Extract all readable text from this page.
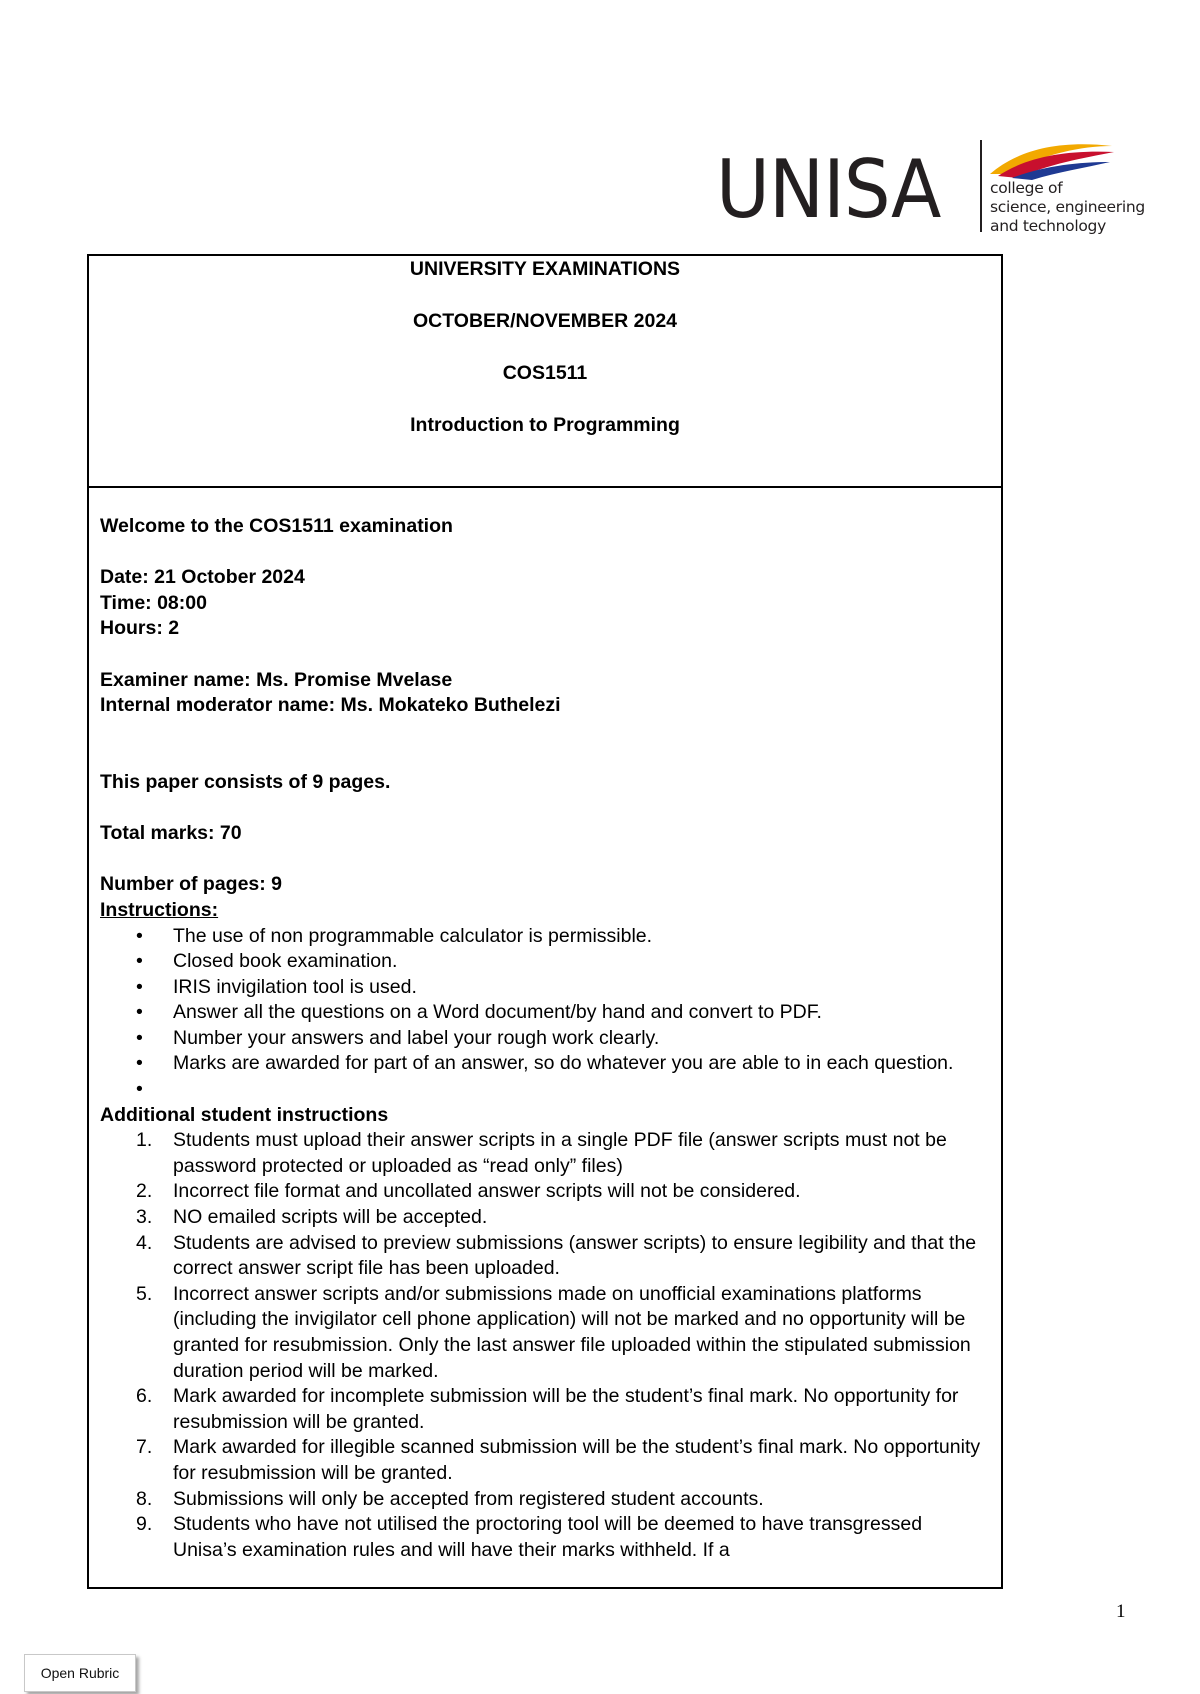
UNISA	college of
science, engineering
and technology
UNIVERSITY EXAMINATIONS
OCTOBER/NOVEMBER 2024
COS1511
Introduction to Programming
Welcome to the COS1511 examination
Date: 21 October 2024
Time: 08:00
Hours: 2
Examiner name: Ms. Promise Mvelase
Internal moderator name: Ms. Mokateko Buthelezi
This paper consists of 9 pages.
Total marks: 70
Number of pages: 9
Instructions:
• The use of non programmable calculator is permissible.
• Closed book examination.
• IRIS invigilation tool is used.
• Answer all the questions on a Word document/by hand and convert to PDF.
• Number your answers and label your rough work clearly.
• Marks are awarded for part of an answer, so do whatever you are able to in each question.
•
Additional student instructions
1. Students must upload their answer scripts in a single PDF file (answer scripts must not be password protected or uploaded as “read only” files)
2. Incorrect file format and uncollated answer scripts will not be considered.
3. NO emailed scripts will be accepted.
4. Students are advised to preview submissions (answer scripts) to ensure legibility and that the correct answer script file has been uploaded.
5. Incorrect answer scripts and/or submissions made on unofficial examinations platforms (including the invigilator cell phone application) will not be marked and no opportunity will be granted for resubmission. Only the last answer file uploaded within the stipulated submission duration period will be marked.
6. Mark awarded for incomplete submission will be the student’s final mark. No opportunity for resubmission will be granted.
7. Mark awarded for illegible scanned submission will be the student’s final mark. No opportunity for resubmission will be granted.
8. Submissions will only be accepted from registered student accounts.
9. Students who have not utilised the proctoring tool will be deemed to have transgressed Unisa’s examination rules and will have their marks withheld. If a
1
Open Rubric
